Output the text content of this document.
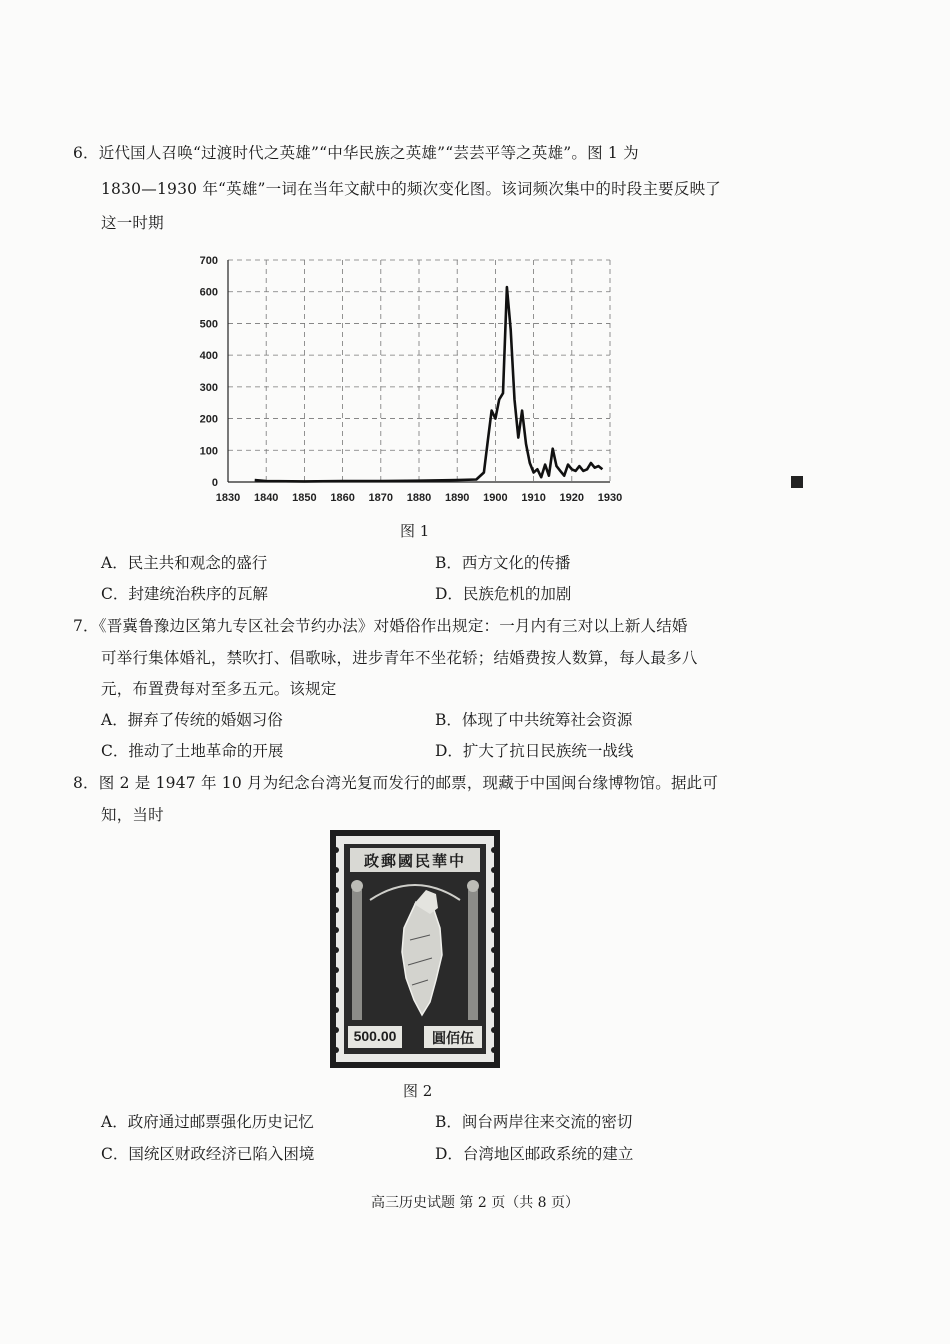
6．近代国人召唤“过渡时代之英雄”“中华民族之英雄”“芸芸平等之英雄”。图 1 为
1830—1930 年“英雄”一词在当年文献中的频次变化图。该词频次集中的时段主要反映了
这一时期
0
100
200
300
400
500
600
700
1830 1840 1850 1860 1870 1880 1890 1900 1910 1920 1930
图 1
A．民主共和观念的盛行	B．西方文化的传播
C．封建统治秩序的瓦解	D．民族危机的加剧
7．《晋冀鲁豫边区第九专区社会节约办法》对婚俗作出规定：一月内有三对以上新人结婚
可举行集体婚礼，禁吹打、倡歌咏，进步青年不坐花轿；结婚费按人数算，每人最多八
元，布置费每对至多五元。该规定
A．摒弃了传统的婚姻习俗	B．体现了中共统筹社会资源
C．推动了土地革命的开展	D．扩大了抗日民族统一战线
8．图 2 是 1947 年 10 月为纪念台湾光复而发行的邮票，现藏于中国闽台缘博物馆。据此可
知，当时
中華民國郵政
500.00	伍佰圓
图 2
A．政府通过邮票强化历史记忆	B．闽台两岸往来交流的密切
C．国统区财政经济已陷入困境	D．台湾地区邮政系统的建立
高三历史试题 第 2 页（共 8 页）
